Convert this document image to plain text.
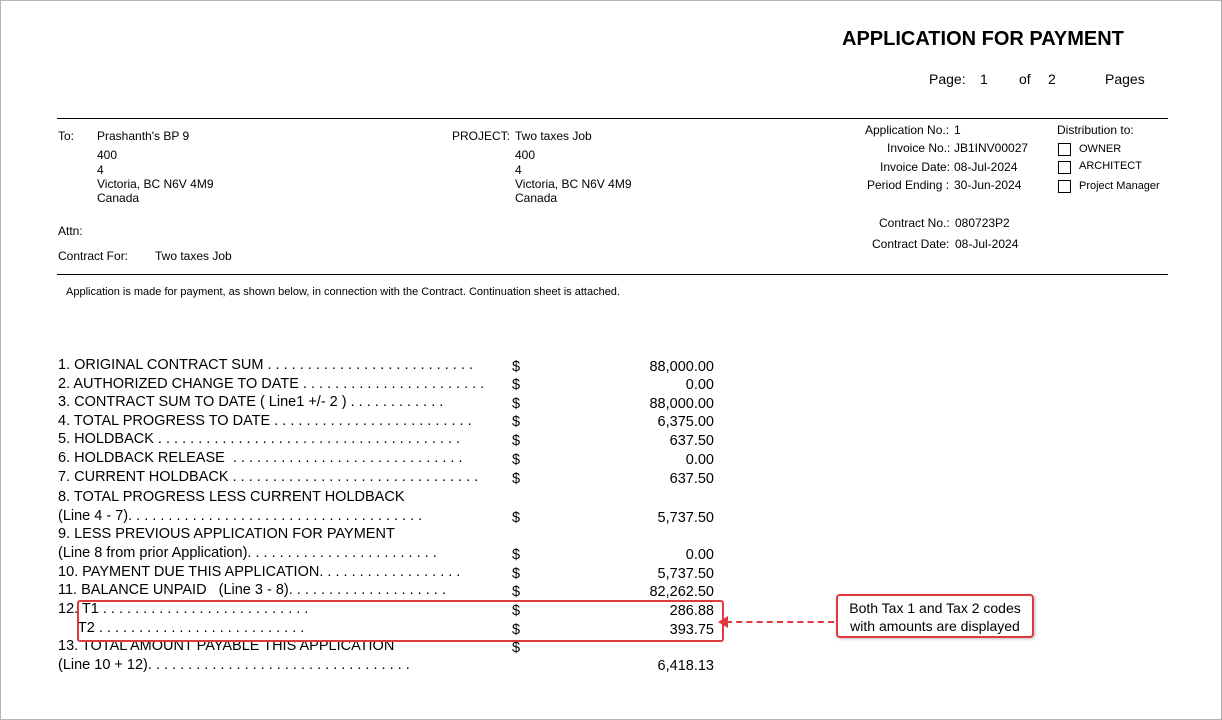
APPLICATION FOR PAYMENT
Page: 1 of 2	Pages
To: Prashanth's BP 9
400
4
Victoria, BC N6V 4M9
Canada
PROJECT: Two taxes Job
400
4
Victoria, BC N6V 4M9
Canada
Attn:
Contract For: Two taxes Job
Application No.: 1
Invoice No.: JB1INV00027
Invoice Date: 08-Jul-2024
Period Ending : 30-Jun-2024
Contract No.: 080723P2
Contract Date: 08-Jul-2024
Distribution to:
OWNER
ARCHITECT
Project Manager
Application is made for payment, as shown below, in connection with the Contract. Continuation sheet is attached.
1. ORIGINAL CONTRACT SUM . . . . . . . . . . . . . . . . . . . . . . . . . .	$	88,000.00
2. AUTHORIZED CHANGE TO DATE . . . . . . . . . . . . . . . . . . . . . . . $	0.00
3. CONTRACT SUM TO DATE ( Line1 +/- 2 ) . . . . . . . . . . . .	$	88,000.00
4. TOTAL PROGRESS TO DATE . . . . . . . . . . . . . . . . . . . . . . . . .	$	6,375.00
5. HOLDBACK . . . . . . . . . . . . . . . . . . . . . . . . . . . . . . . . . . . . . .	$	637.50
6. HOLDBACK RELEASE  . . . . . . . . . . . . . . . . . . . . . . . . . . . . .	$	0.00
7. CURRENT HOLDBACK . . . . . . . . . . . . . . . . . . . . . . . . . . . . . . . $	637.50
8. TOTAL PROGRESS LESS CURRENT HOLDBACK
(Line 4 - 7). . . . . . . . . . . . . . . . . . . . . . . . . . . . . . . . . . . . .	$	5,737.50
9. LESS PREVIOUS APPLICATION FOR PAYMENT
(Line 8 from prior Application). . . . . . . . . . . . . . . . . . . . . . . .	$	0.00
10. PAYMENT DUE THIS APPLICATION. . . . . . . . . . . . . . . . . .	$	5,737.50
11. BALANCE UNPAID   (Line 3 - 8). . . . . . . . . . . . . . . . . . . .	$	82,262.50
12. T1 . . . . . . . . . . . . . . . . . . . . . . . . . .	$	286.88
T2 . . . . . . . . . . . . . . . . . . . . . . . . . .	$	393.75
13. TOTAL AMOUNT PAYABLE THIS APPLICATION	$
(Line 10 + 12). . . . . . . . . . . . . . . . . . . . . . . . . . . . . . . . .	6,418.13
Both Tax 1 and Tax 2 codes
with amounts are displayed
